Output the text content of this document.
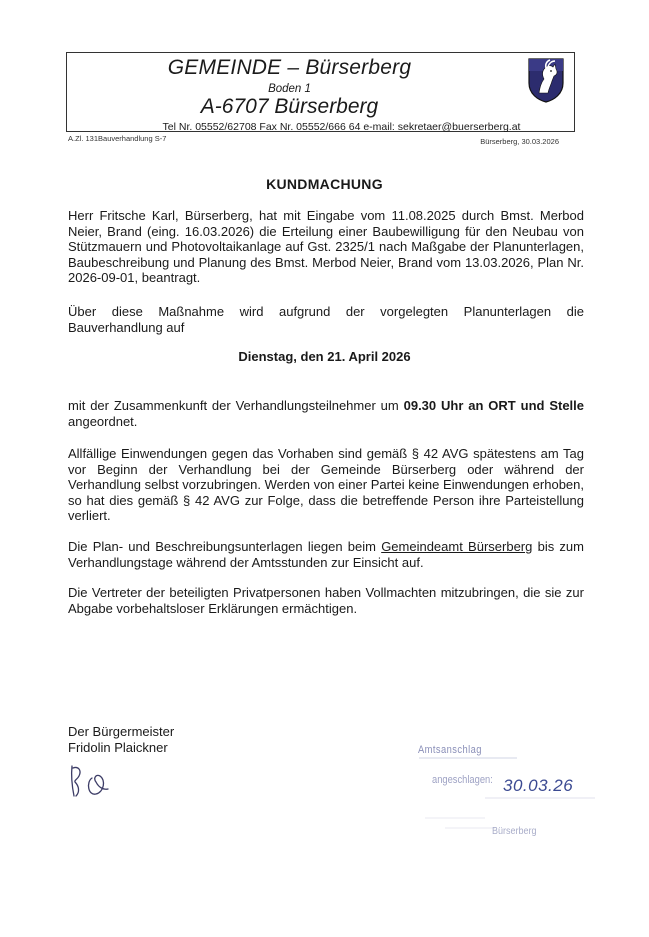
GEMEINDE – Bürserberg
Boden 1
A-6707 Bürserberg
Tel Nr. 05552/62708 Fax Nr. 05552/666 64 e-mail: sekretaer@buerserberg.at
A.Zl. 131Bauverhandlung S-7	Bürserberg, 30.03.2026
KUNDMACHUNG
Herr Fritsche Karl, Bürserberg, hat mit Eingabe vom 11.08.2025 durch Bmst. Merbod Neier, Brand (eing. 16.03.2026) die Erteilung einer Baubewilligung für den Neubau von Stützmauern und Photovoltaikanlage auf Gst. 2325/1 nach Maßgabe der Planunterlagen, Baubeschreibung und Planung des Bmst. Merbod Neier, Brand vom 13.03.2026, Plan Nr. 2026-09-01, beantragt.
Über diese Maßnahme wird aufgrund der vorgelegten Planunterlagen die Bauverhandlung auf
Dienstag, den 21. April 2026
mit der Zusammenkunft der Verhandlungsteilnehmer um 09.30 Uhr an ORT und Stelle angeordnet.
Allfällige Einwendungen gegen das Vorhaben sind gemäß § 42 AVG spätestens am Tag vor Beginn der Verhandlung bei der Gemeinde Bürserberg oder während der Verhandlung selbst vorzubringen. Werden von einer Partei keine Einwendungen erhoben, so hat dies gemäß § 42 AVG zur Folge, dass die betreffende Person ihre Parteistellung verliert.
Die Plan- und Beschreibungsunterlagen liegen beim Gemeindeamt Bürserberg bis zum Verhandlungstage während der Amtsstunden zur Einsicht auf.
Die Vertreter der beteiligten Privatpersonen haben Vollmachten mitzubringen, die sie zur Abgabe vorbehaltsloser Erklärungen ermächtigen.
Der Bürgermeister
Fridolin Plaickner	Amtsanschlag
angeschlagen: 30.03.26
Bürserberg
